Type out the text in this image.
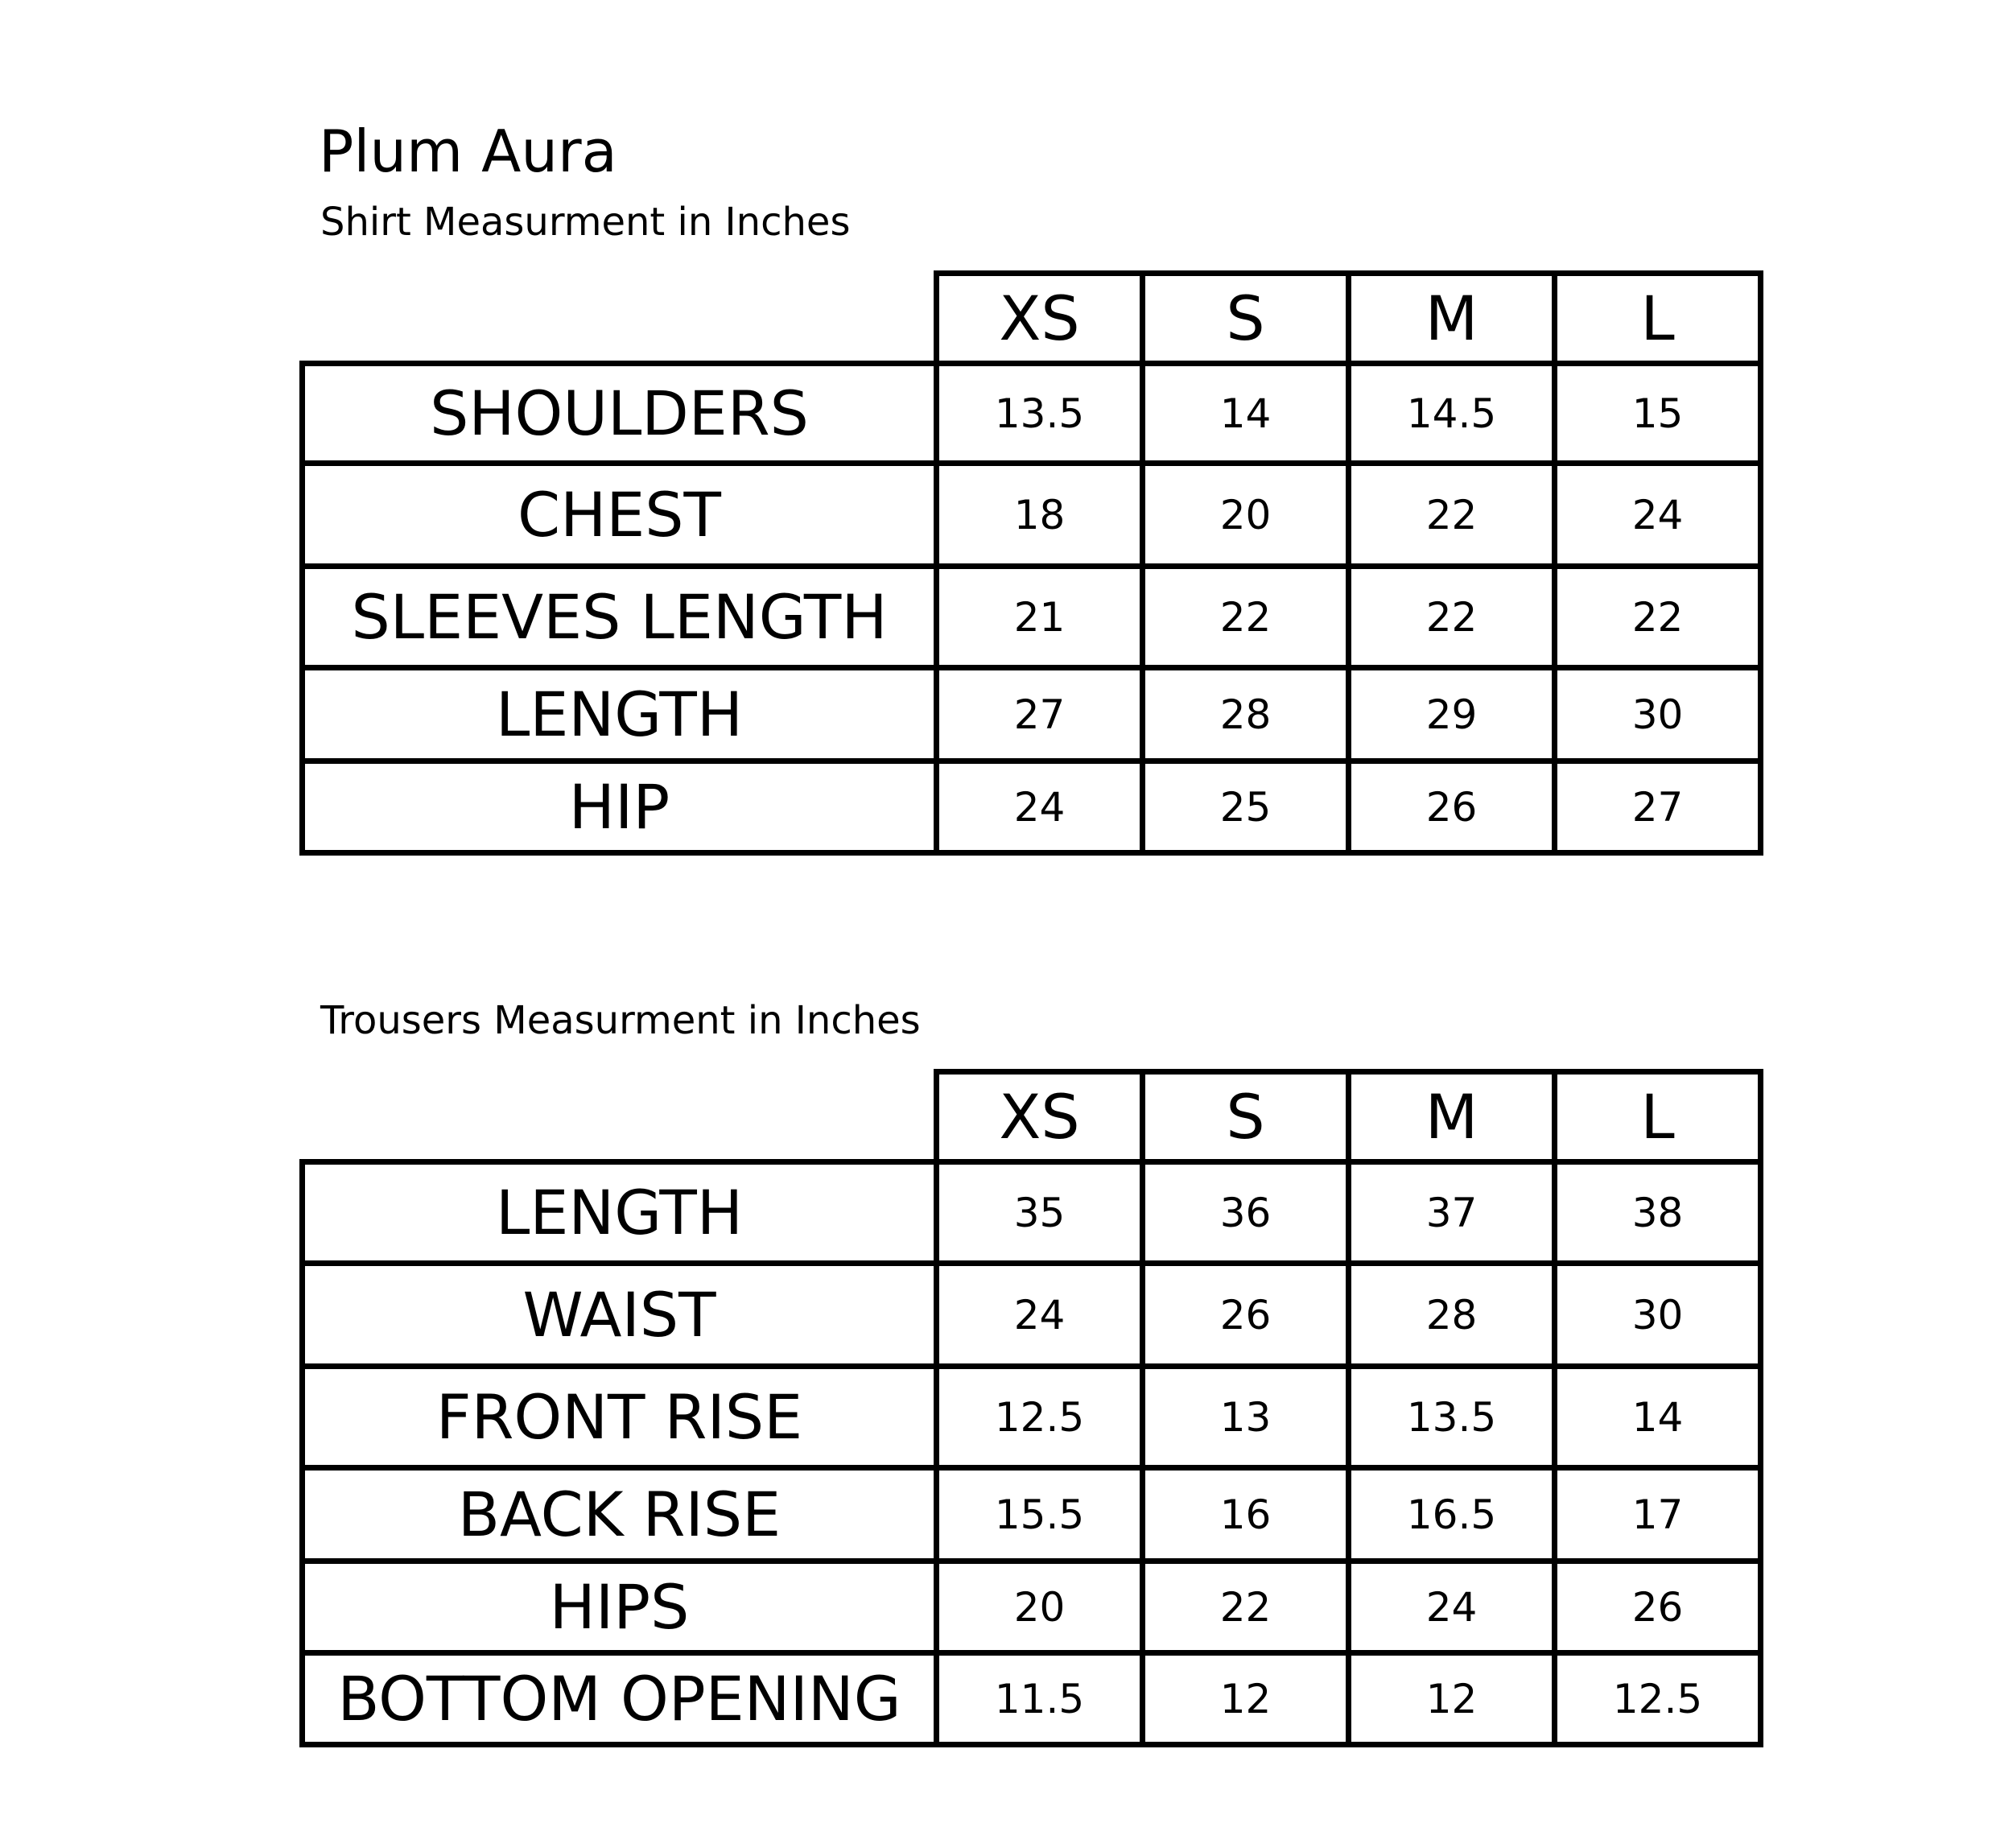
Plum Aura
Shirt Measurment in Inches
XS	S	M	L
SHOULDERS	13.5	14	14.5	15
CHEST	18	20	22	24
SLEEVES LENGTH	21	22	22	22
LENGTH	27	28	29	30
HIP	24	25	26	27
Trousers Measurment in Inches
XS	S	M	L
LENGTH	35	36	37	38
WAIST	24	26	28	30
FRONT RISE	12.5	13	13.5	14
BACK RISE	15.5	16	16.5	17
HIPS	20	22	24	26
BOTTOM OPENING	11.5	12	12	12.5
